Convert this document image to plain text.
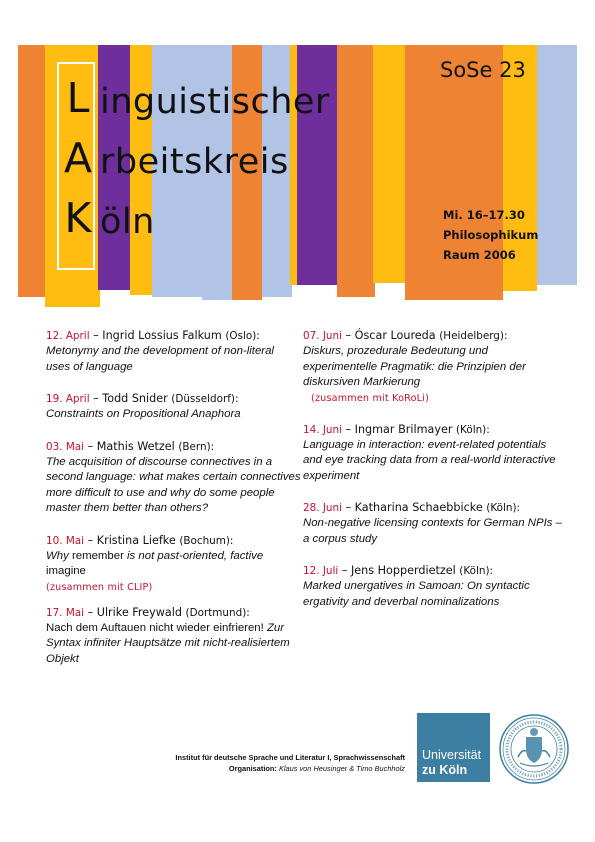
L
A
K
inguistischer
rbeitskreis
öln
SoSe 23
Mi. 16–17.30
Philosophikum
Raum 2006
12. April – Ingrid Lossius Falkum (Oslo):
Metonymy and the development of non-literal uses of language
19. April – Todd Snider (Düsseldorf):
Constraints on Propositional Anaphora
03. Mai – Mathis Wetzel (Bern):
The acquisition of discourse connectives in a second language: what makes certain connectives more difficult to use and why do some people master them better than others?
10. Mai – Kristina Liefke (Bochum):
Why remember is not past-oriented, factive imagine
(zusammen mit CLIP)
17. Mai – Ulrike Freywald (Dortmund):
Nach dem Auftauen nicht wieder einfrieren! Zur Syntax infiniter Hauptsätze mit nicht-realisiertem Objekt
07. Juni – Óscar Loureda (Heidelberg):
Diskurs, prozedurale Bedeutung und experimentelle Pragmatik: die Prinzipien der diskursiven Markierung
(zusammen mit KoRoLi)
14. Juni – Ingmar Brilmayer (Köln):
Language in interaction: event-related potentials and eye tracking data from a real-world interactive experiment
28. Juni – Katharina Schaebbicke (Köln):
Non-negative licensing contexts for German NPIs – a corpus study
12. Juli – Jens Hopperdietzel (Köln):
Marked unergatives in Samoan: On syntactic ergativity and deverbal nominalizations
Institut für deutsche Sprache und Literatur I, Sprachwissenschaft
Organisation: Klaus von Heusinger & Timo Buchholz
Universität
zu Köln
